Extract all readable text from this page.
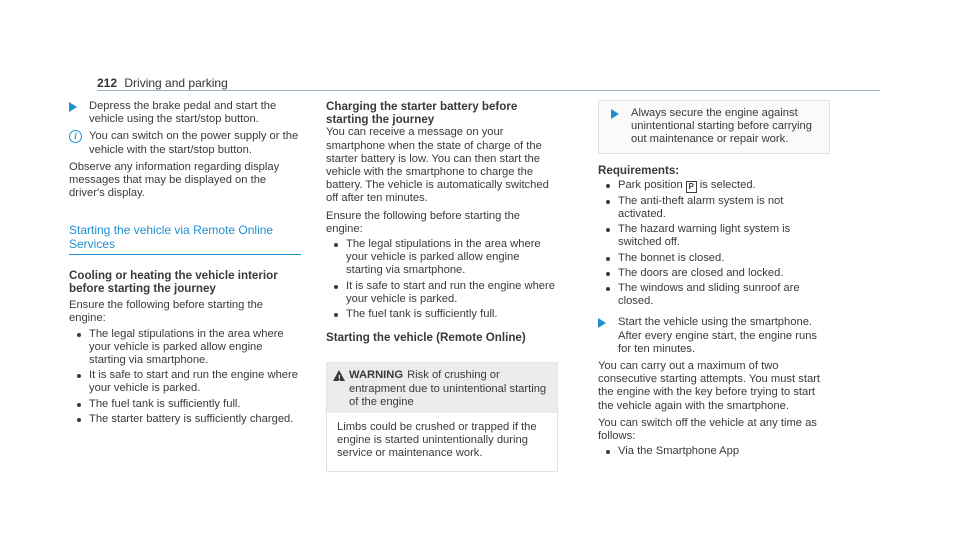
212 Driving and parking

Depress the brake pedal and start the vehicle using the start/stop button.

i	You can switch on the power supply or the vehicle with the start/stop button.

Observe any information regarding display messages that may be displayed on the driver's display.

Starting the vehicle via Remote Online Services

Cooling or heating the vehicle interior before starting the journey

Ensure the following before starting the engine:

The legal stipulations in the area where your vehicle is parked allow engine starting via smartphone.
It is safe to start and run the engine where your vehicle is parked.
The fuel tank is sufficiently full.
The starter battery is sufficiently charged.

Charging the starter battery before starting the journey

You can receive a message on your smartphone when the state of charge of the starter battery is low. You can then start the vehicle with the smartphone to charge the battery. The vehicle is automatically switched off after ten minutes.

Ensure the following before starting the engine:

The legal stipulations in the area where your vehicle is parked allow engine starting via smartphone.
It is safe to start and run the engine where your vehicle is parked.
The fuel tank is sufficiently full.

Starting the vehicle (Remote Online)

! WARNING Risk of crushing or entrapment due to unintentional starting of the engine
Limbs could be crushed or trapped if the engine is started unintentionally during service or maintenance work.

Always secure the engine against unintentional starting before carrying out maintenance or repair work.

Requirements:

Park position P is selected.
The anti-theft alarm system is not activated.
The hazard warning light system is switched off.
The bonnet is closed.
The doors are closed and locked.
The windows and sliding sunroof are closed.

Start the vehicle using the smartphone.

After every engine start, the engine runs for ten minutes.

You can carry out a maximum of two consecutive starting attempts. You must start the engine with the key before trying to start the vehicle again with the smartphone.

You can switch off the vehicle at any time as follows:

Via the Smartphone App
